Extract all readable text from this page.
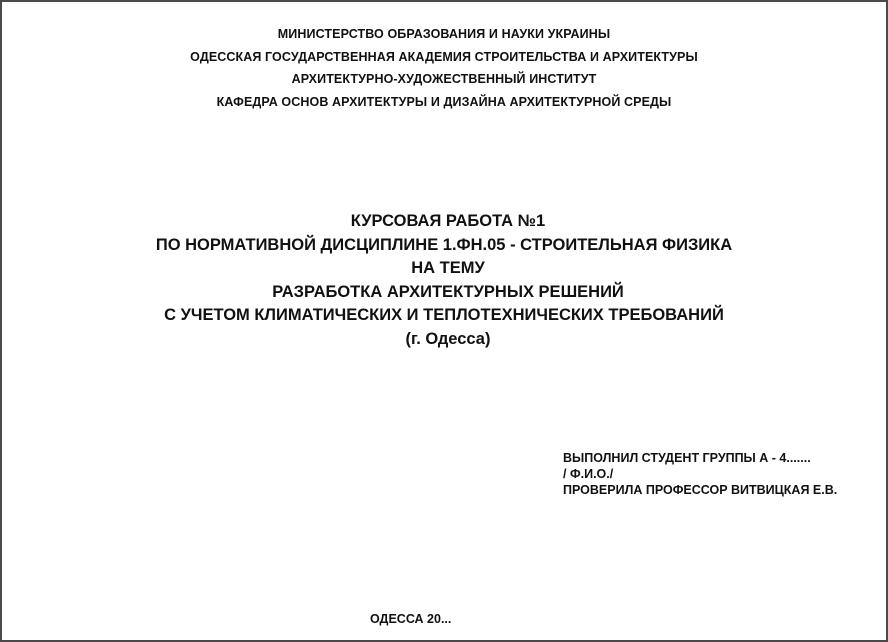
МИНИСТЕРСТВО ОБРАЗОВАНИЯ И НАУКИ УКРАИНЫ
ОДЕССКАЯ ГОСУДАРСТВЕННАЯ АКАДЕМИЯ СТРОИТЕЛЬСТВА И АРХИТЕКТУРЫ
АРХИТЕКТУРНО-ХУДОЖЕСТВЕННЫЙ ИНСТИТУТ
КАФЕДРА ОСНОВ АРХИТЕКТУРЫ И ДИЗАЙНА АРХИТЕКТУРНОЙ СРЕДЫ
КУРСОВАЯ РАБОТА №1
ПО НОРМАТИВНОЙ ДИСЦИПЛИНЕ 1.ФН.05 - СТРОИТЕЛЬНАЯ ФИЗИКА
НА ТЕМУ
РАЗРАБОТКА АРХИТЕКТУРНЫХ РЕШЕНИЙ
С УЧЕТОМ КЛИМАТИЧЕСКИХ И ТЕПЛОТЕХНИЧЕСКИХ ТРЕБОВАНИЙ
(г. Одесса)
ВЫПОЛНИЛ СТУДЕНТ ГРУППЫ А - 4.......
/ Ф.И.О./
ПРОВЕРИЛА ПРОФЕССОР ВИТВИЦКАЯ Е.В.
ОДЕССА 20...
